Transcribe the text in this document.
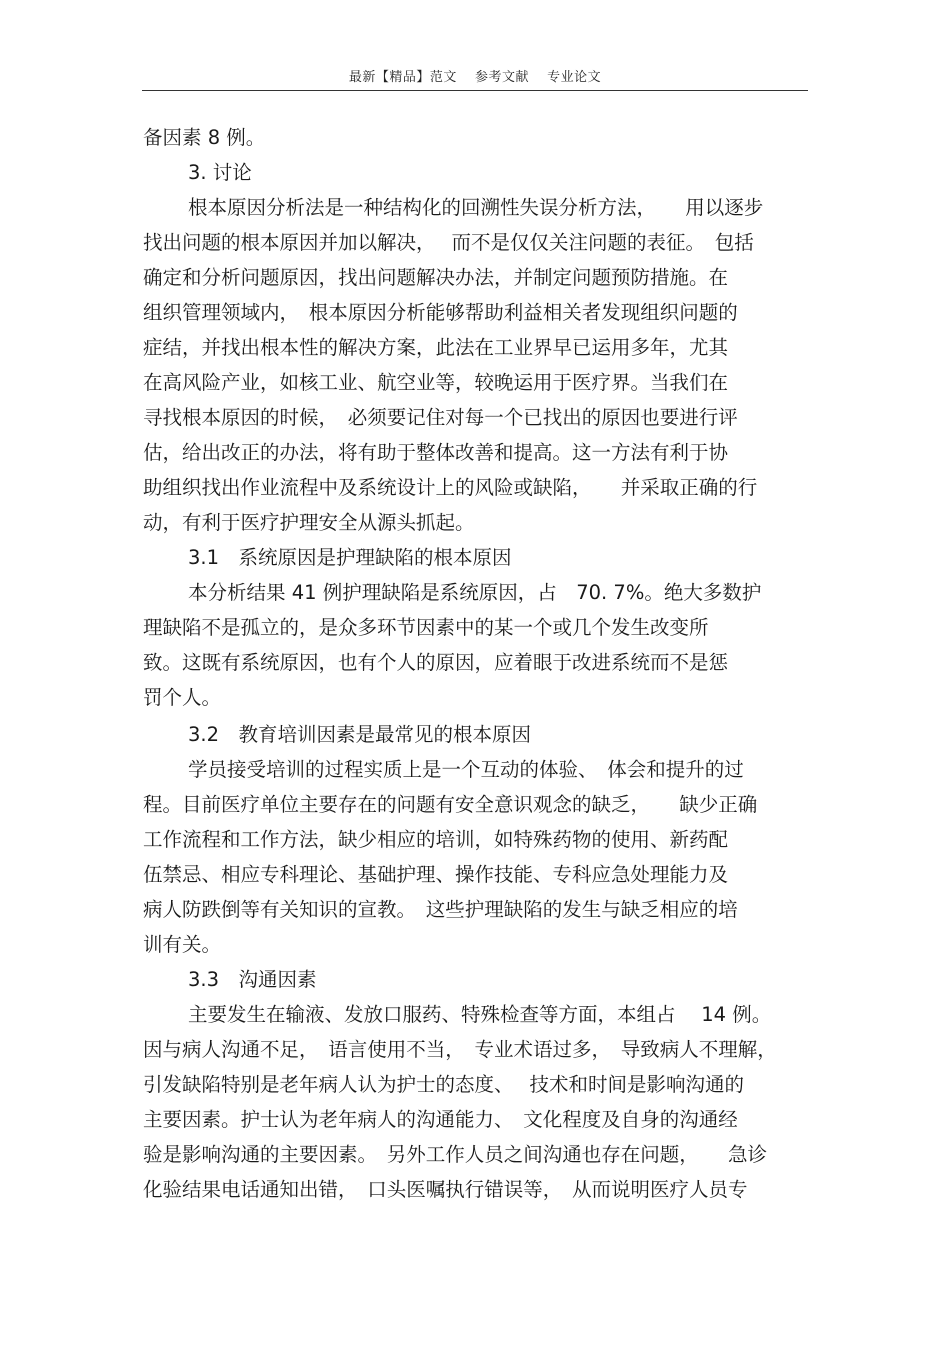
最新【精品】范文　 参考文献　 专业论文
备因素 8 例。
3. 讨论
根本原因分析法是一种结构化的回溯性失误分析方法，　　用以逐步
找出问题的根本原因并加以解决，　 而不是仅仅关注问题的表征。　包括
确定和分析问题原因，找出问题解决办法，并制定问题预防措施。在
组织管理领域内，　根本原因分析能够帮助利益相关者发现组织问题的
症结，并找出根本性的解决方案，此法在工业界早已运用多年，尤其
在高风险产业，如核工业、航空业等，较晚运用于医疗界。当我们在
寻找根本原因的时候，　必须要记住对每一个已找出的原因也要进行评
估，给出改正的办法，将有助于整体改善和提高。这一方法有利于协
助组织找出作业流程中及系统设计上的风险或缺陷，　　并采取正确的行
动，有利于医疗护理安全从源头抓起。
3.1　系统原因是护理缺陷的根本原因
本分析结果 41 例护理缺陷是系统原因，占　70. 7%。绝大多数护
理缺陷不是孤立的，是众多环节因素中的某一个或几个发生改变所
致。这既有系统原因，也有个人的原因，应着眼于改进系统而不是惩
罚个人。
3.2　教育培训因素是最常见的根本原因
学员接受培训的过程实质上是一个互动的体验、　体会和提升的过
程。目前医疗单位主要存在的问题有安全意识观念的缺乏，　　缺少正确
工作流程和工作方法，缺少相应的培训，如特殊药物的使用、新药配
伍禁忌、相应专科理论、基础护理、操作技能、专科应急处理能力及
病人防跌倒等有关知识的宣教。　这些护理缺陷的发生与缺乏相应的培
训有关。
3.3　沟通因素
主要发生在输液、发放口服药、特殊检查等方面，本组占　 14 例。
因与病人沟通不足，　语言使用不当，　专业术语过多，　导致病人不理解，
引发缺陷特别是老年病人认为护士的态度、　 技术和时间是影响沟通的
主要因素。护士认为老年病人的沟通能力、　文化程度及自身的沟通经
验是影响沟通的主要因素。　另外工作人员之间沟通也存在问题，　　急诊
化验结果电话通知出错，　口头医嘱执行错误等，　从而说明医疗人员专
